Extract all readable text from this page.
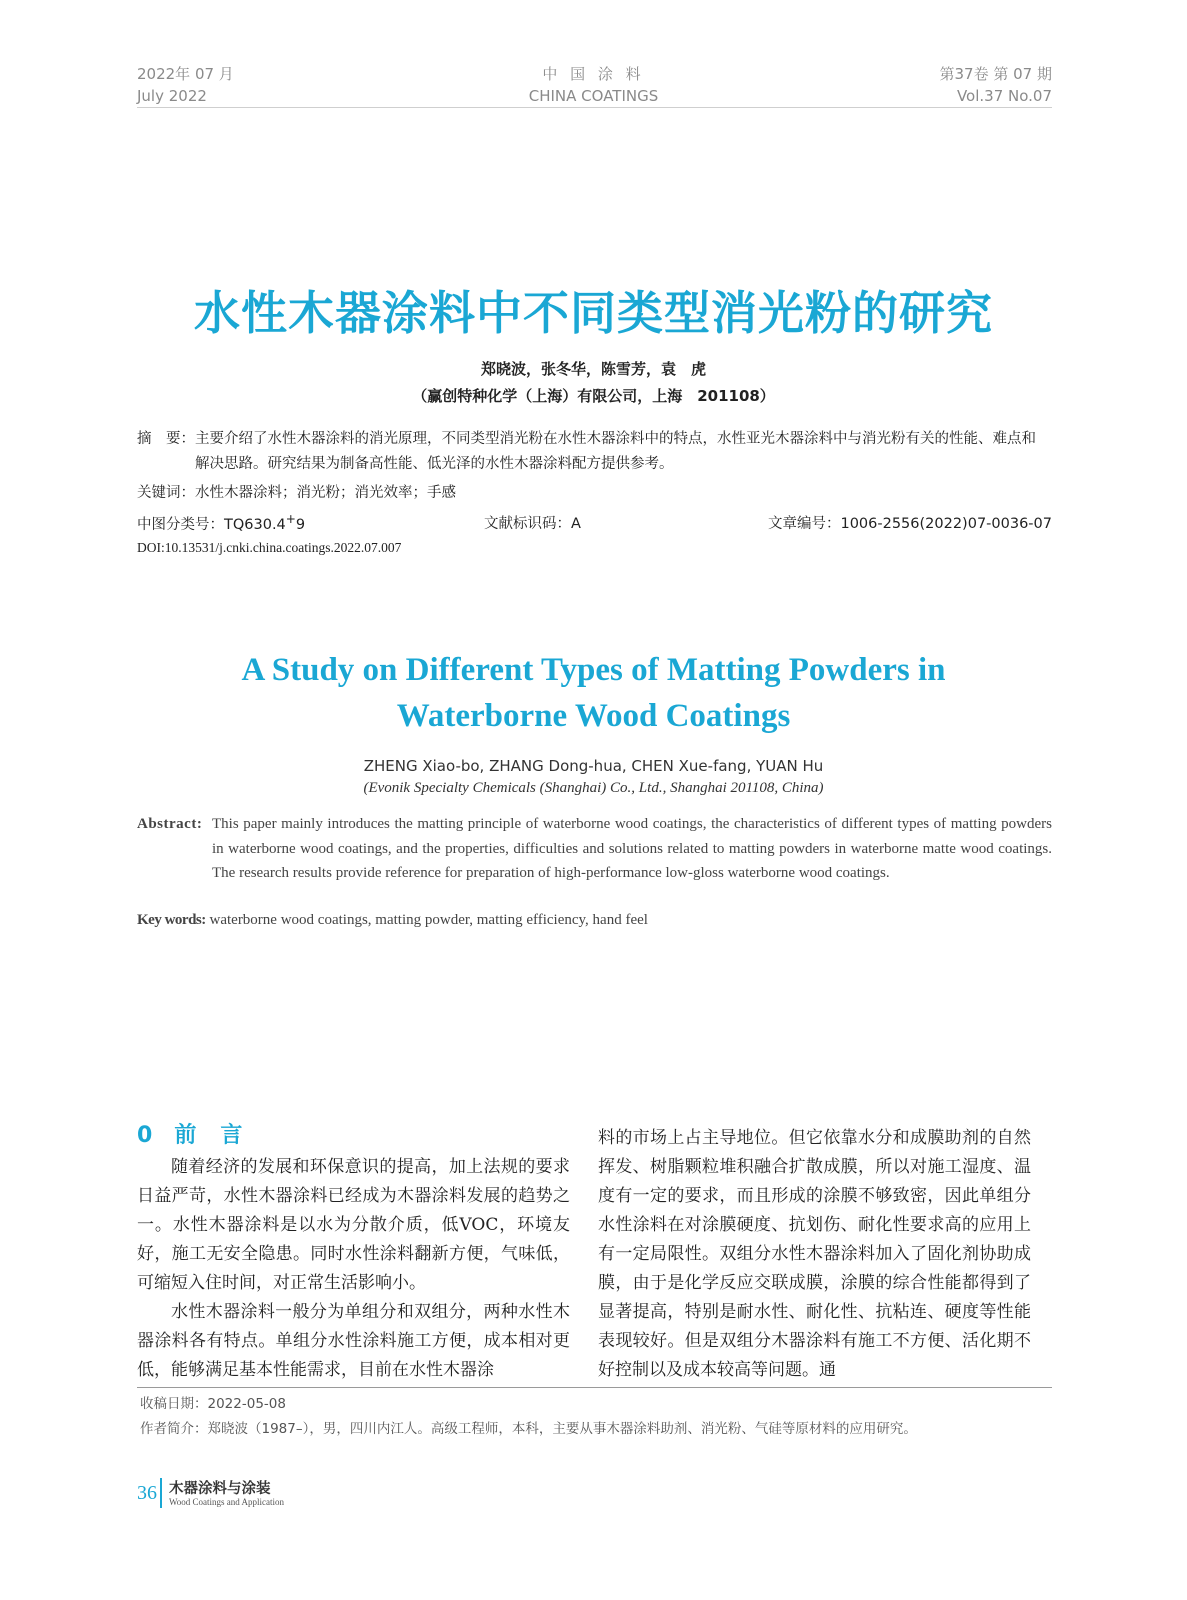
2022年 07 月
July 2022
中 国 涂 料
CHINA COATINGS
第37卷 第 07 期
Vol.37 No.07
水性木器涂料中不同类型消光粉的研究
郑晓波，张冬华，陈雪芳，袁　虎
（赢创特种化学（上海）有限公司，上海　201108）
摘　要：主要介绍了水性木器涂料的消光原理，不同类型消光粉在水性木器涂料中的特点，水性亚光木器涂料中与消光粉有关的性能、难点和解决思路。研究结果为制备高性能、低光泽的水性木器涂料配方提供参考。
关键词：水性木器涂料；消光粉；消光效率；手感
中图分类号：TQ630.4+9	文献标识码：A	文章编号：1006-2556(2022)07-0036-07
DOI:10.13531/j.cnki.china.coatings.2022.07.007
A Study on Different Types of Matting Powders in
Waterborne Wood Coatings
ZHENG Xiao-bo, ZHANG Dong-hua, CHEN Xue-fang, YUAN Hu
(Evonik Specialty Chemicals (Shanghai) Co., Ltd., Shanghai 201108, China)
Abstract: This paper mainly introduces the matting principle of waterborne wood coatings, the characteristics of different types of matting powders in waterborne wood coatings, and the properties, difficulties and solutions related to matting powders in waterborne matte wood coatings. The research results provide reference for preparation of high-performance low-gloss waterborne wood coatings.
Key words: waterborne wood coatings, matting powder, matting efficiency, hand feel
0 前言

随着经济的发展和环保意识的提高，加上法规的要求日益严苛，水性木器涂料已经成为木器涂料发展的趋势之一。水性木器涂料是以水为分散介质，低VOC，环境友好，施工无安全隐患。同时水性涂料翻新方便，气味低，可缩短入住时间，对正常生活影响小。

水性木器涂料一般分为单组分和双组分，两种水性木器涂料各有特点。单组分水性涂料施工方便，成本相对更低，能够满足基本性能需求，目前在水性木器涂

料的市场上占主导地位。但它依靠水分和成膜助剂的自然挥发、树脂颗粒堆积融合扩散成膜，所以对施工湿度、温度有一定的要求，而且形成的涂膜不够致密，因此单组分水性涂料在对涂膜硬度、抗划伤、耐化性要求高的应用上有一定局限性。双组分水性木器涂料加入了固化剂协助成膜，由于是化学反应交联成膜，涂膜的综合性能都得到了显著提高，特别是耐水性、耐化性、抗粘连、硬度等性能表现较好。但是双组分木器涂料有施工不方便、活化期不好控制以及成本较高等问题。通

收稿日期：2022-05-08
作者简介：郑晓波（1987–），男，四川内江人。高级工程师，本科，主要从事木器涂料助剂、消光粉、气硅等原材料的应用研究。
36 木器涂料与涂装
Wood Coatings and Application
